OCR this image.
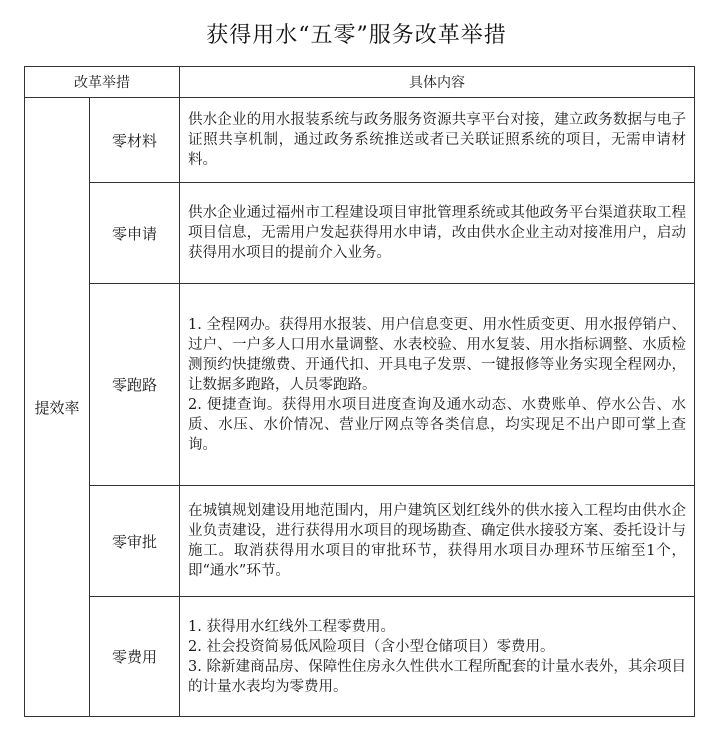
获得用水“五零”服务改革举措
改革举措		具体内容
提效率	零材料	供水企业的用水报装系统与政务服务资源共享平台对接，建立政务数据与电子证照共享机制，通过政务系统推送或者已关联证照系统的项目，无需申请材料。

	零申请	供水企业通过福州市工程建设项目审批管理系统或其他政务平台渠道获取工程项目信息，无需用户发起获得用水申请，改由供水企业主动对接准用户，启动获得用水项目的提前介入业务。

	零跑路	1. 全程网办。获得用水报装、用户信息变更、用水性质变更、用水报停销户、过户、一户多人口用水量调整、水表校验、用水复装、用水指标调整、水质检测预约快捷缴费、开通代扣、开具电子发票、一键报修等业务实现全程网办，让数据多跑路，人员零跑路。
2. 便捷查询。获得用水项目进度查询及通水动态、水费账单、停水公告、水质、水压、水价情况、营业厅网点等各类信息，均实现足不出户即可掌上查询。

	零审批	在城镇规划建设用地范围内，用户建筑区划红线外的供水接入工程均由供水企业负责建设，进行获得用水项目的现场勘查、确定供水接驳方案、委托设计与施工。取消获得用水项目的审批环节，获得用水项目办理环节压缩至1个，即“通水”环节。

	零费用	1. 获得用水红线外工程零费用。
2. 社会投资简易低风险项目（含小型仓储项目）零费用。
3. 除新建商品房、保障性住房永久性供水工程所配套的计量水表外，其余项目的计量水表均为零费用。
